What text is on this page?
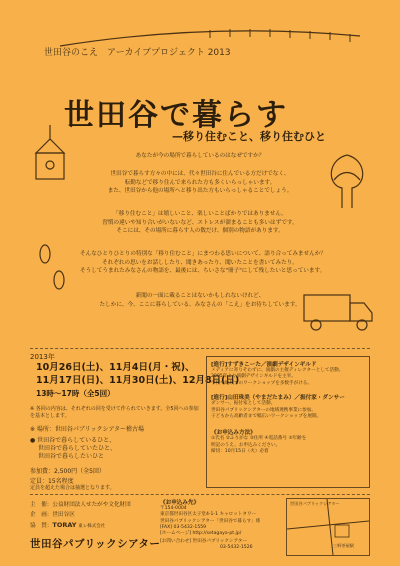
世田谷のこえ　アーカイブプロジェクト 2013
世田谷で暮らす
—移り住むこと、移り住むひと

あなたが今の場所で暮らしているのはなぜですか？

世田谷で暮らす方々の中には、代々世田谷に住んでいる方だけでなく、

転勤などで移り住んで来られた方も多くいらっしゃいます。

また、世田谷から他の場所へと移り出た方もいらっしゃることでしょう。

「移り住むこと」は嬉しいこと、楽しいことばかりではありません。

習慣の違いや知り合いがいないなど、ストレスが溜まることも多いはずです。

そこには、その場所に暮らす人の数だけ、個別の物語があります。

そんなひとりひとりの特別な「移り住むこと」にまつわる思いについて、語り合ってみませんか？

それぞれの思いをお話ししたり、聞きあったり、聞いたことを書いてみたり。

そうしてうまれたみなさんの物語を、最後には、ちいさな"冊子"にして残したいと思っています。

新聞の一面に載ることはないかもしれないけれど、

たしかに、今、ここに暮らしている、みなさんの「こえ」をお待ちしています。

2013年
10月26日(土)、11月4日(月・祝)、
11月17日(日)、11月30日(土)、12月8日(日)
13時〜17時（全5回）
※ 各回の内容は、それぞれの回を受けて作られていきます。全5回への参加を基本とします。
※ 場所：世田谷パブリックシアター稽古場
● 世田谷で暮らしているひと、
世田谷で暮らしていたひと、
世田谷で暮らしたいひと
参加費：2,500円（全5回）
定員：15名程度
定員を超えた場合は抽選となります。
[進行]すずきこーた／演劇デザインギルド
メディアに寄りそわずに、演劇の主催ディレクターとして活動。
2005年より演劇デザインギルドを主宰。
学校や地域でのワークショップを多数手がける。
[進行]山田珠美（やまだたまみ）／振付家・ダンサー
ダンサー、振付家として活動。
世田谷パブリックシアターの地域連携事業に参加。
子どもから高齢者まで幅広いワークショップを展開。
《お申込み方法》
①氏名 ②ふりがな ③住所 ④電話番号 ⑤年齢を
明記のうえ、お申込みください。
締切：10月15日（火）必着
主　催：公益財団法人せたがや文化財団
企　画：世田谷区
協　賛：TORAY 東レ株式会社
世田谷パブリックシアター
《お申込み先》
〒154-0004
東京都世田谷区太子堂4-1-1 キャロットタワー
世田谷パブリックシアター「世田谷で暮らす」係
[FAX] 03-5432-1559
[ホームページ] http://setagaya-pt.jp/
[お問い合わせ] 世田谷パブリックシアター
03-5432-1526
世田谷パブリックシアター
三軒茶屋駅
